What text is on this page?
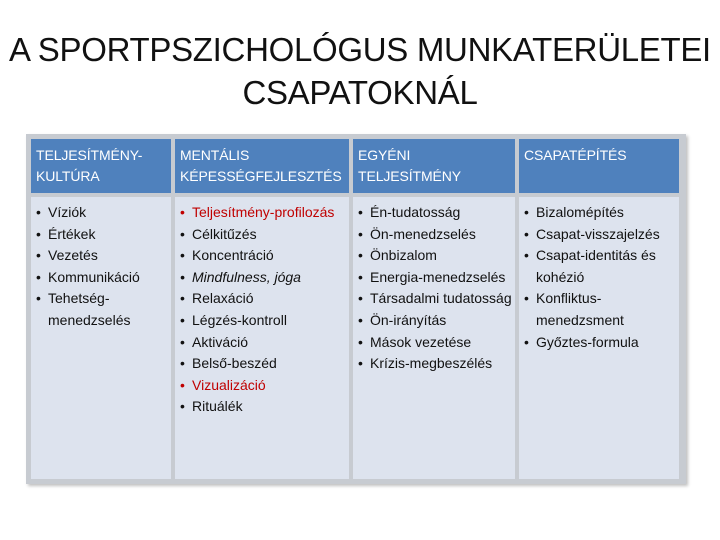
A SPORTPSZICHOLÓGUS MUNKATERÜLETEI
CSAPATOKNÁL
TELJESÍTMÉNY-KULTÚRA
MENTÁLIS KÉPESSÉGFEJLESZTÉS
EGYÉNI TELJESÍTMÉNY
CSAPATÉPÍTÉS
• Víziók
• Értékek
• Vezetés
• Kommunikáció
• Tehetség-menedzselés
• Teljesítmény-profilozás
• Célkitűzés
• Koncentráció
• Mindfulness, jóga
• Relaxáció
• Légzés-kontroll
• Aktiváció
• Belső-beszéd
• Vizualizáció
• Rituálék
• Én-tudatosság
• Ön-menedzselés
• Önbizalom
• Energia-menedzselés
• Társadalmi tudatosság
• Ön-irányítás
• Mások vezetése
• Krízis-megbeszélés
• Bizalomépítés
• Csapat-visszajelzés
• Csapat-identitás és kohézió
• Konfliktus-menedzsment
• Győztes-formula
